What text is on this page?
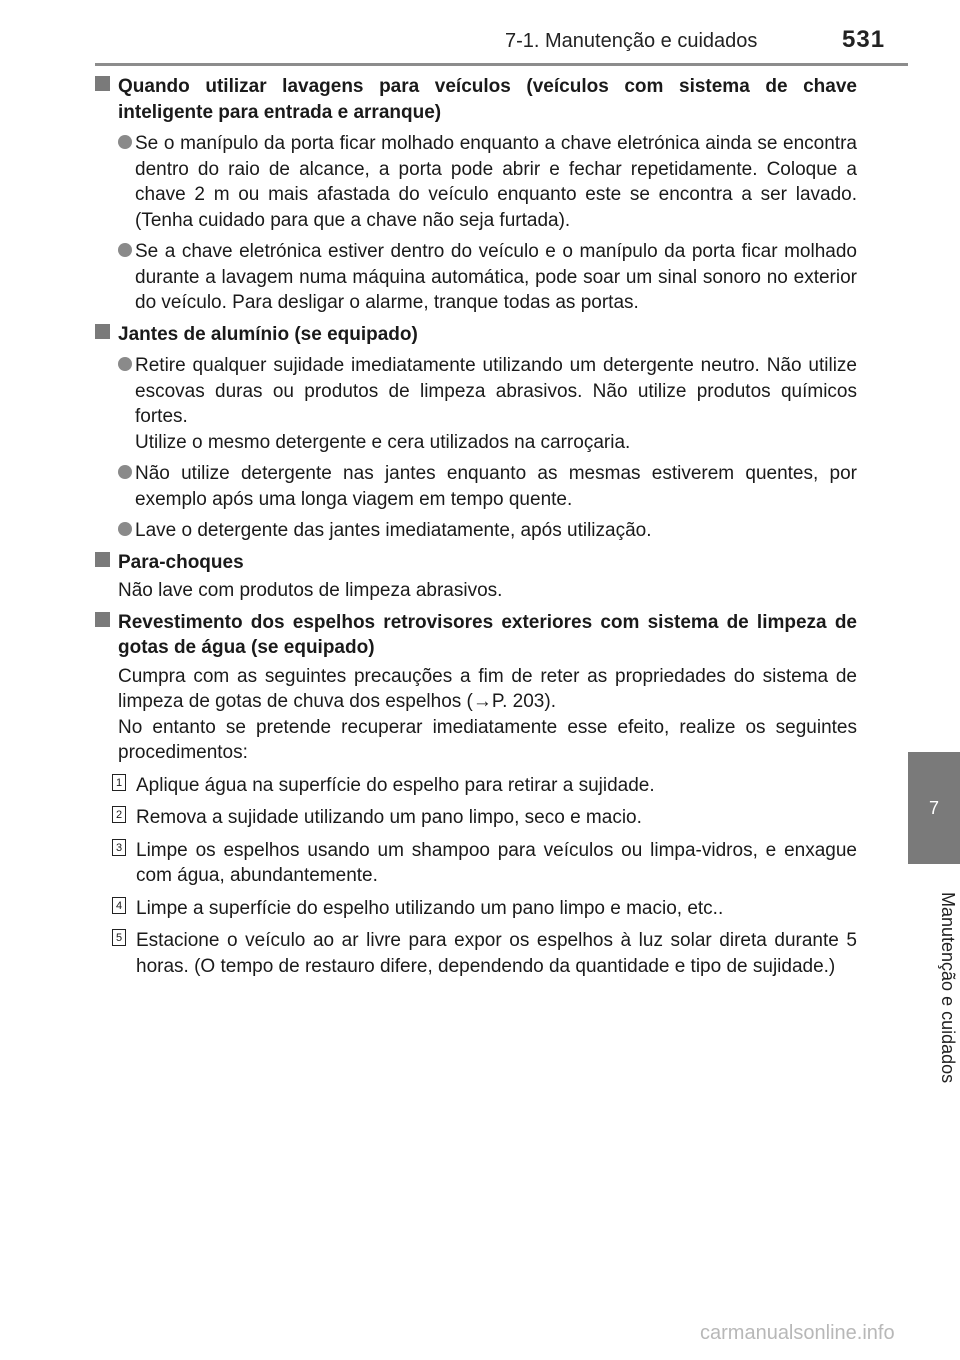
7-1. Manutenção e cuidados	531
7
Manutenção e cuidados
Quando utilizar lavagens para veículos (veículos com sistema de chave inteligente para entrada e arranque)
Se o manípulo da porta ficar molhado enquanto a chave eletrónica ainda se encontra dentro do raio de alcance, a porta pode abrir e fechar repetidamente. Coloque a chave 2 m ou mais afastada do veículo enquanto este se encontra a ser lavado. (Tenha cuidado para que a chave não seja furtada).
Se a chave eletrónica estiver dentro do veículo e o manípulo da porta ficar molhado durante a lavagem numa máquina automática, pode soar um sinal sonoro no exterior do veículo. Para desligar o alarme, tranque todas as portas.
Jantes de alumínio (se equipado)
Retire qualquer sujidade imediatamente utilizando um detergente neutro. Não utilize escovas duras ou produtos de limpeza abrasivos. Não utilize produtos químicos fortes.
Utilize o mesmo detergente e cera utilizados na carroçaria.
Não utilize detergente nas jantes enquanto as mesmas estiverem quentes, por exemplo após uma longa viagem em tempo quente.
Lave o detergente das jantes imediatamente, após utilização.
Para-choques
Não lave com produtos de limpeza abrasivos.
Revestimento dos espelhos retrovisores exteriores com sistema de limpeza de gotas de água (se equipado)
Cumpra com as seguintes precauções a fim de reter as propriedades do sistema de limpeza de gotas de chuva dos espelhos (→P. 203).
No entanto se pretende recuperar imediatamente esse efeito, realize os seguintes procedimentos:
1 Aplique água na superfície do espelho para retirar a sujidade.
2 Remova a sujidade utilizando um pano limpo, seco e macio.
3 Limpe os espelhos usando um shampoo para veículos ou limpa-vidros, e enxague com água, abundantemente.
4 Limpe a superfície do espelho utilizando um pano limpo e macio, etc..
5 Estacione o veículo ao ar livre para expor os espelhos à luz solar direta durante 5 horas. (O tempo de restauro difere, dependendo da quantidade e tipo de sujidade.)
carmanualsonline.info
